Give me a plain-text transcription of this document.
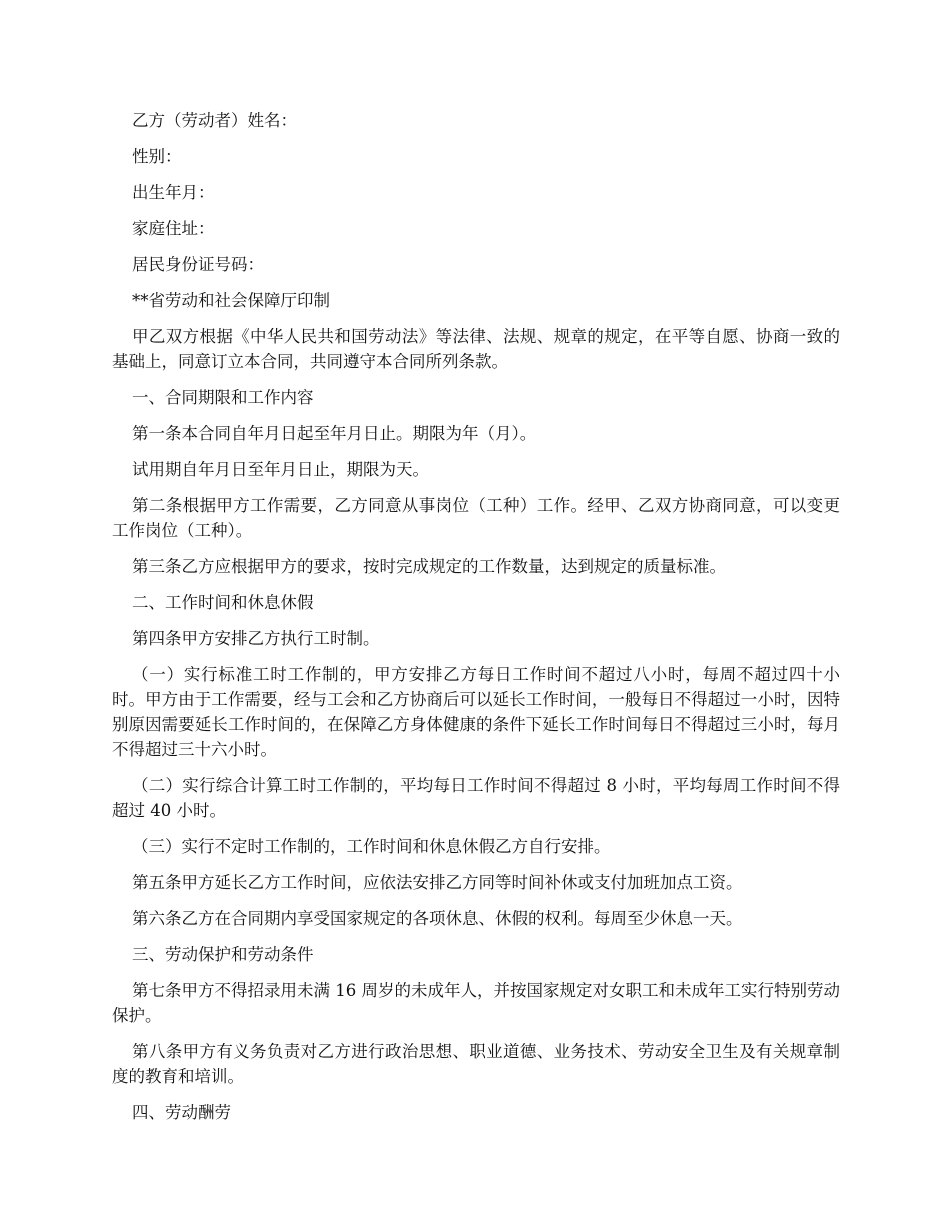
乙方（劳动者）姓名：

性别：

出生年月：

家庭住址：

居民身份证号码：

**省劳动和社会保障厅印制

甲乙双方根据《中华人民共和国劳动法》等法律、法规、规章的规定，在平等自愿、协商一致的基础上，同意订立本合同，共同遵守本合同所列条款。

一、合同期限和工作内容

第一条本合同自年月日起至年月日止。期限为年（月）。

试用期自年月日至年月日止，期限为天。

第二条根据甲方工作需要，乙方同意从事岗位（工种）工作。经甲、乙双方协商同意，可以变更工作岗位（工种）。

第三条乙方应根据甲方的要求，按时完成规定的工作数量，达到规定的质量标准。

二、工作时间和休息休假

第四条甲方安排乙方执行工时制。

（一）实行标准工时工作制的，甲方安排乙方每日工作时间不超过八小时，每周不超过四十小时。甲方由于工作需要，经与工会和乙方协商后可以延长工作时间，一般每日不得超过一小时，因特别原因需要延长工作时间的，在保障乙方身体健康的条件下延长工作时间每日不得超过三小时，每月不得超过三十六小时。

（二）实行综合计算工时工作制的，平均每日工作时间不得超过 8 小时，平均每周工作时间不得超过 40 小时。

（三）实行不定时工作制的，工作时间和休息休假乙方自行安排。

第五条甲方延长乙方工作时间，应依法安排乙方同等时间补休或支付加班加点工资。

第六条乙方在合同期内享受国家规定的各项休息、休假的权利。每周至少休息一天。

三、劳动保护和劳动条件

第七条甲方不得招录用未满 16 周岁的未成年人，并按国家规定对女职工和未成年工实行特别劳动保护。

第八条甲方有义务负责对乙方进行政治思想、职业道德、业务技术、劳动安全卫生及有关规章制度的教育和培训。

四、劳动酬劳
